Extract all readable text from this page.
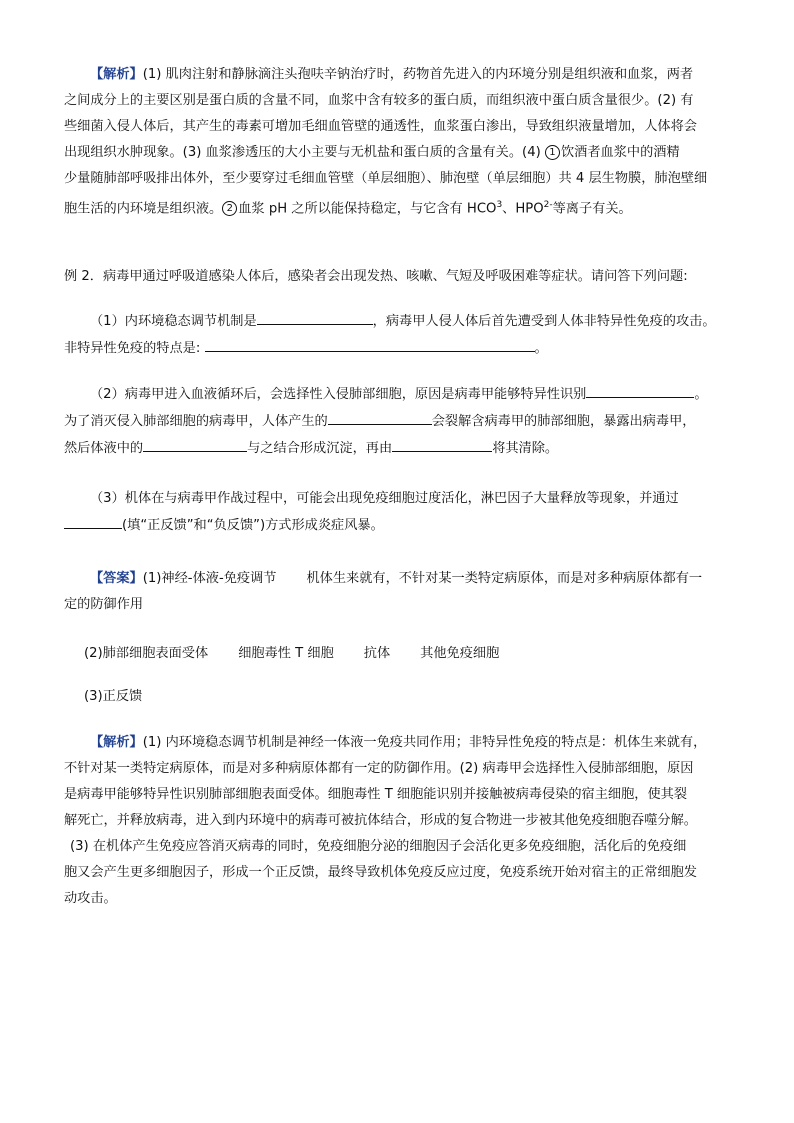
【解析】(1) 肌肉注射和静脉滴注头孢呋辛钠治疗时，药物首先进入的内环境分别是组织液和血浆，两者
之间成分上的主要区别是蛋白质的含量不同，血浆中含有较多的蛋白质，而组织液中蛋白质含量很少。(2) 有
些细菌入侵人体后，其产生的毒素可增加毛细血管壁的通透性，血浆蛋白渗出，导致组织液量增加，人体将会
出现组织水肿现象。(3) 血浆渗透压的大小主要与无机盐和蛋白质的含量有关。(4) 1 饮酒者血浆中的酒精
少量随肺部呼吸排出体外，至少要穿过毛细血管壁（单层细胞）、肺泡壁（单层细胞）共 4 层生物膜，肺泡壁细
胞生活的内环境是组织液。 2 血浆 pH 之所以能保持稳定，与它含有 HCO$^3$、$HPO^{2-}$等离子有关。
例 2．病毒甲通过呼吸道感染人体后，感染者会出现发热、咳嗽、气短及呼吸困难等症状。请问答下列问题:
（1）内环境稳态调节机制是	，病毒甲人侵人体后首先遭受到人体非特异性免疫的攻击。
非特异性免疫的特点是:	。
（2）病毒甲进入血液循环后，会选择性入侵肺部细胞，原因是病毒甲能够特异性识别	。
为了消灭侵入肺部细胞的病毒甲，人体产生的	会裂解含病毒甲的肺部细胞，暴露出病毒甲，
然后体液中的	与之结合形成沉淀，再由	将其清除。
（3）机体在与病毒甲作战过程中，可能会出现免疫细胞过度活化，淋巴因子大量释放等现象，并通过
(填“正反馈”和“负反馈”)方式形成炎症风暴。
【答案】(1)神经-体液-免疫调节 机体生来就有，不针对某一类特定病原体，而是对多种病原体都有一
定的防御作用
(2)肺部细胞表面受体 细胞毒性 T 细胞 抗体 其他免疫细胞
(3)正反馈
【解析】(1) 内环境稳态调节机制是神经一体液一免疫共同作用；非特异性免疫的特点是：机体生来就有，
不针对某一类特定病原体，而是对多种病原体都有一定的防御作用。(2) 病毒甲会选择性入侵肺部细胞，原因
是病毒甲能够特异性识别肺部细胞表面受体。细胞毒性 T 细胞能识别并接触被病毒侵染的宿主细胞，使其裂
解死亡，并释放病毒，进入到内环境中的病毒可被抗体结合，形成的复合物进一步被其他免疫细胞吞噬分解。
(3) 在机体产生免疫应答消灭病毒的同时，免疫细胞分泌的细胞因子会活化更多免疫细胞，活化后的免疫细
胞又会产生更多细胞因子，形成一个正反馈，最终导致机体免疫反应过度，免疫系统开始对宿主的正常细胞发
动攻击。
